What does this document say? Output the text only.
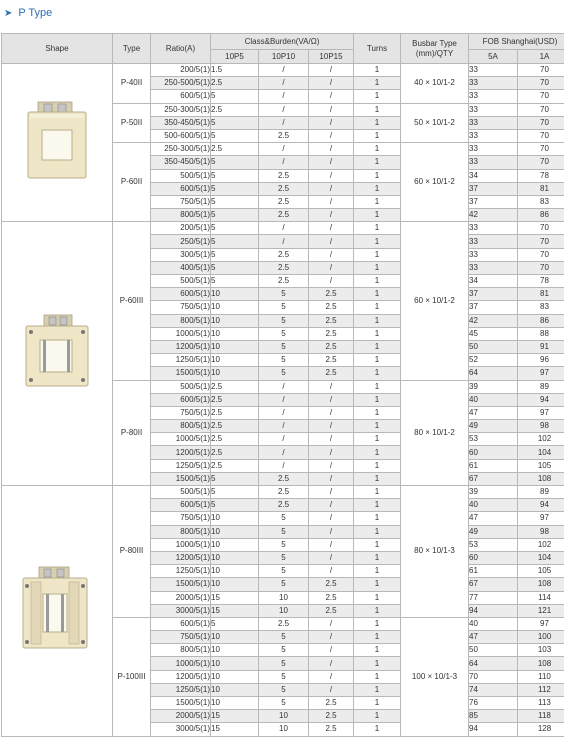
➤ P Type
Shape	Type	Ratio(A)	Class&Burden(VA/Ω)			Turns	Busbar Type
(mm)/QTY	FOB Shanghai(USD)	
			10P5	10P10	10P15			5A	1A
	P-40II	200/5(1)	1.5	/	/	1	40 × 10/1-2	33	70
		250-500/5(1)	2.5	/	/	1		33	70
		600/5(1)	5	/	/	1		33	70
	P-50II	250-300/5(1)	2.5	/	/	1	50 × 10/1-2	33	70
		350-450/5(1)	5	/	/	1		33	70
		500-600/5(1)	5	2.5	/	1		33	70
	P-60II	250-300/5(1)	2.5	/	/	1	60 × 10/1-2	33	70
		350-450/5(1)	5	/	/	1		33	70
		500/5(1)	5	2.5	/	1		34	78
		600/5(1)	5	2.5	/	1		37	81
		750/5(1)	5	2.5	/	1		37	83
		800/5(1)	5	2.5	/	1		42	86
	P-60III	200/5(1)	5	/	/	1	60 × 10/1-2	33	70
		250/5(1)	5	/	/	1		33	70
		300/5(1)	5	2.5	/	1		33	70
		400/5(1)	5	2.5	/	1		33	70
		500/5(1)	5	2.5	/	1		34	78
		600/5(1)	10	5	2.5	1		37	81
		750/5(1)	10	5	2.5	1		37	83
		800/5(1)	10	5	2.5	1		42	86
		1000/5(1)	10	5	2.5	1		45	88
		1200/5(1)	10	5	2.5	1		50	91
		1250/5(1)	10	5	2.5	1		52	96
		1500/5(1)	10	5	2.5	1		64	97
	P-80II	500/5(1)	2.5	/	/	1	80 × 10/1-2	39	89
		600/5(1)	2.5	/	/	1		40	94
		750/5(1)	2.5	/	/	1		47	97
		800/5(1)	2.5	/	/	1		49	98
		1000/5(1)	2.5	/	/	1		53	102
		1200/5(1)	2.5	/	/	1		60	104
		1250/5(1)	2.5	/	/	1		61	105
		1500/5(1)	5	2.5	/	1		67	108
	P-80III	500/5(1)	5	2.5	/	1	80 × 10/1-3	39	89
		600/5(1)	5	2.5	/	1		40	94
		750/5(1)	10	5	/	1		47	97
		800/5(1)	10	5	/	1		49	98
		1000/5(1)	10	5	/	1		53	102
		1200/5(1)	10	5	/	1		60	104
		1250/5(1)	10	5	/	1		61	105
		1500/5(1)	10	5	2.5	1		67	108
		2000/5(1)	15	10	2.5	1		77	114
		3000/5(1)	15	10	2.5	1		94	121
	P-100III	600/5(1)	5	2.5	/	1	100 × 10/1-3	40	97
		750/5(1)	10	5	/	1		47	100
		800/5(1)	10	5	/	1		50	103
		1000/5(1)	10	5	/	1		64	108
		1200/5(1)	10	5	/	1		70	110
		1250/5(1)	10	5	/	1		74	112
		1500/5(1)	10	5	2.5	1		76	113
		2000/5(1)	15	10	2.5	1		85	118
		3000/5(1)	15	10	2.5	1		94	128
